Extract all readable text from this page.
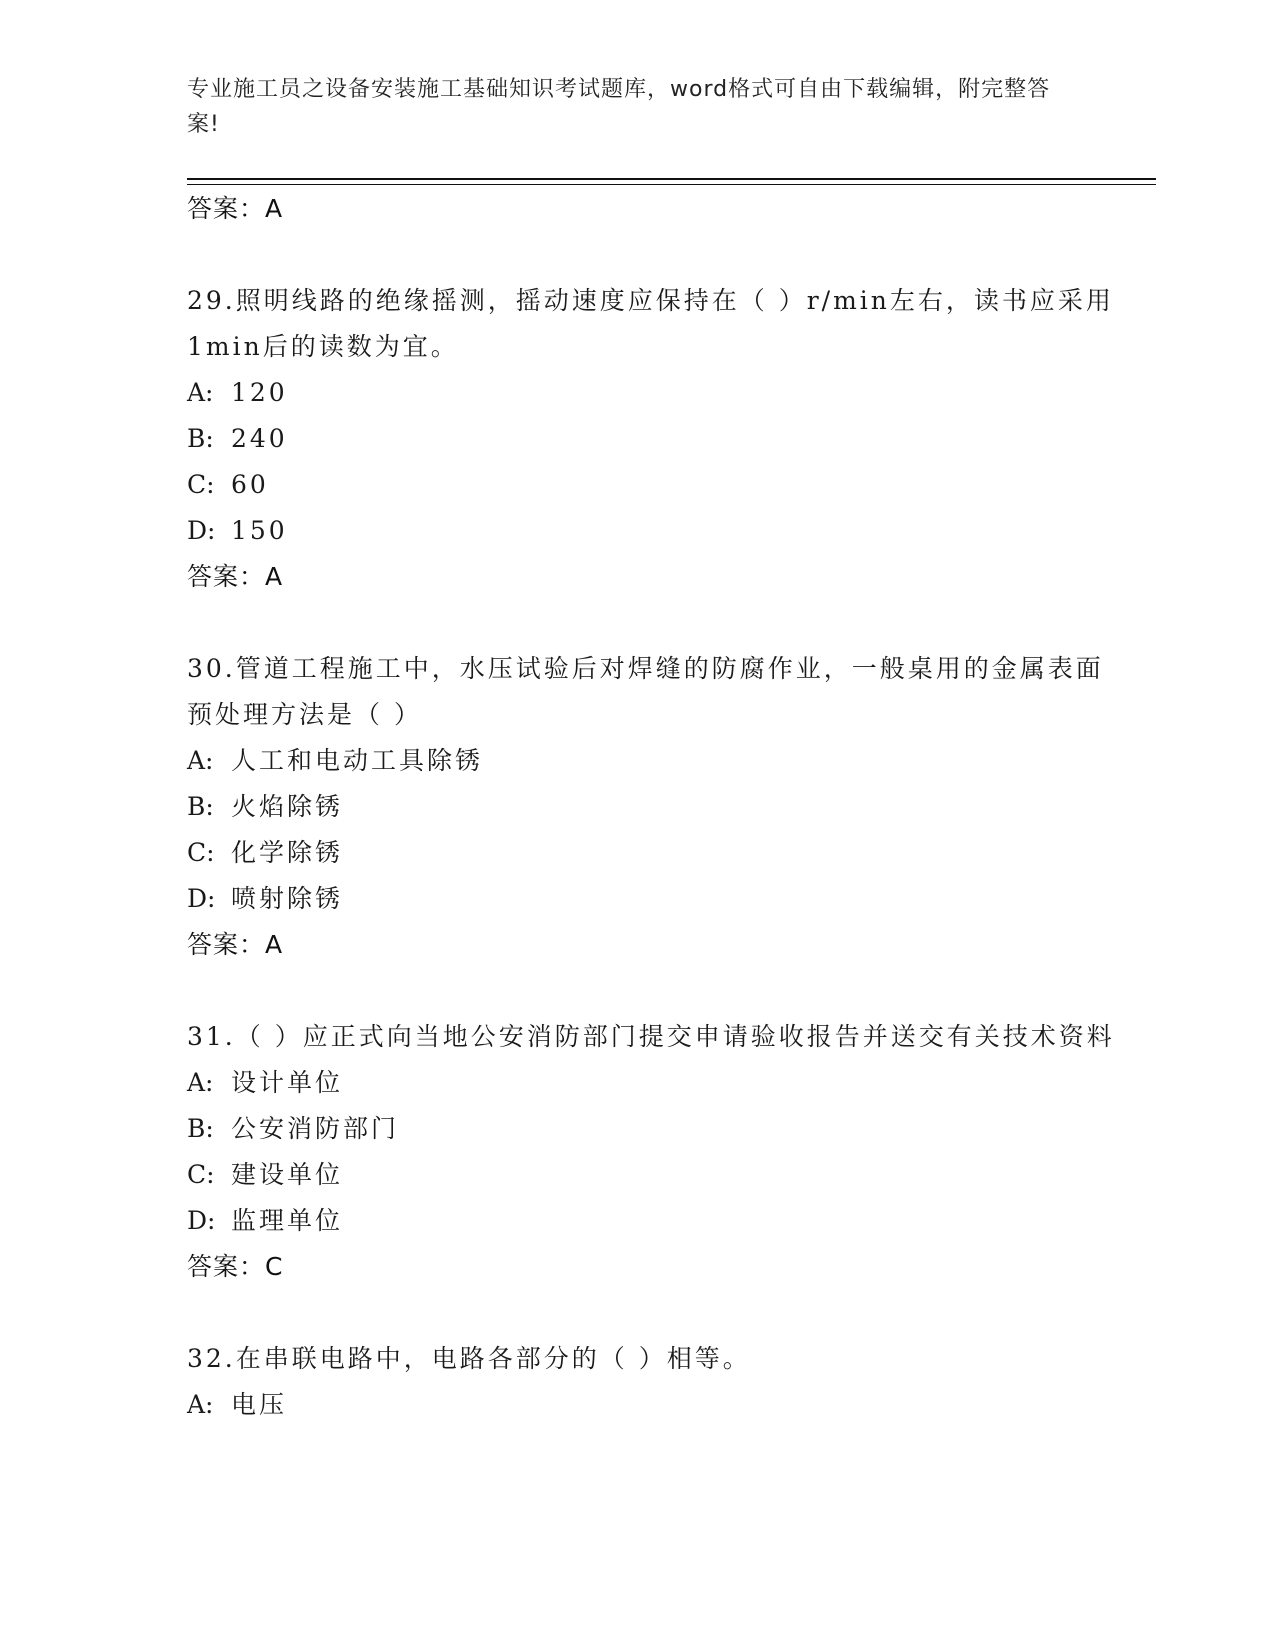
专业施工员之设备安装施工基础知识考试题库，word格式可自由下载编辑，附完整答案!
答案：A
29.照明线路的绝缘摇测，摇动速度应保持在（ ）r/min左右，读书应采用1min后的读数为宜。
A: 120
B: 240
C: 60
D: 150
答案：A
30.管道工程施工中，水压试验后对焊缝的防腐作业，一般桌用的金属表面预处理方法是（ ）
A: 人工和电动工具除锈
B: 火焰除锈
C: 化学除锈
D: 喷射除锈
答案：A
31.（ ）应正式向当地公安消防部门提交申请验收报告并送交有关技术资料
A: 设计单位
B: 公安消防部门
C: 建设单位
D: 监理单位
答案：C
32.在串联电路中，电路各部分的（ ）相等。
A: 电压
